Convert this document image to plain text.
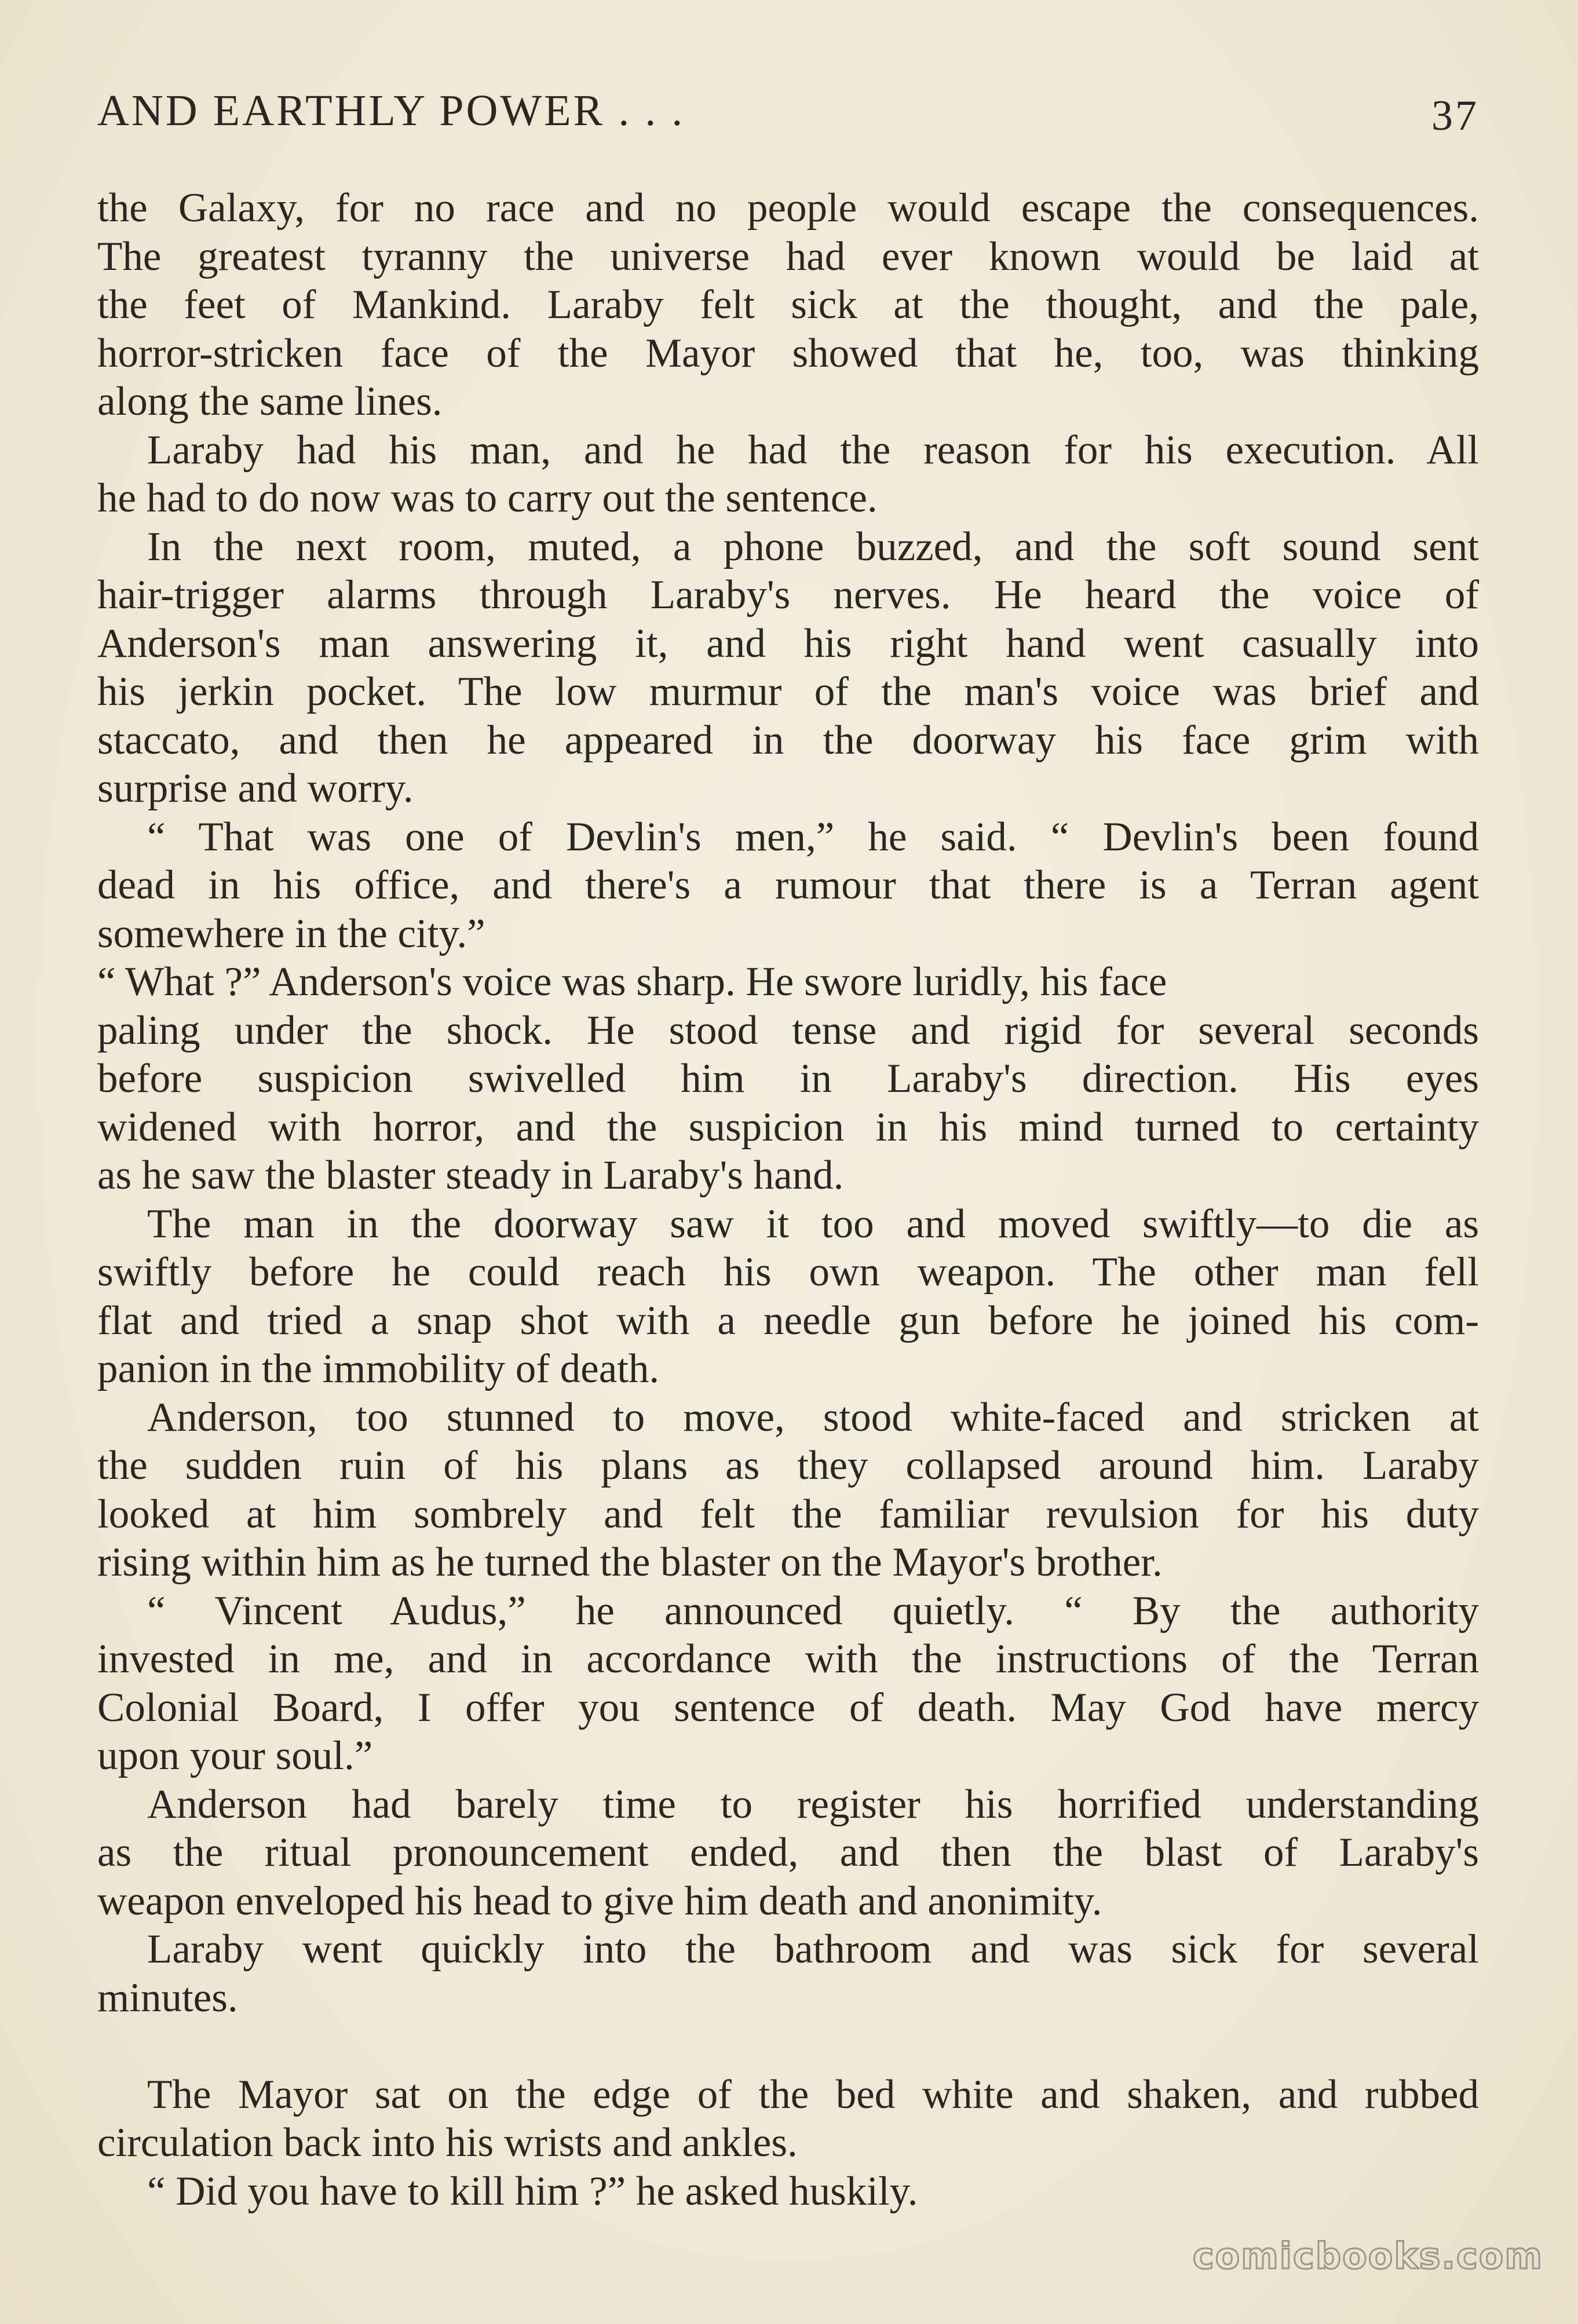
AND EARTHLY POWER . . .	37
the Galaxy, for no race and no people would escape the consequences.
The greatest tyranny the universe had ever known would be laid at
the feet of Mankind. Laraby felt sick at the thought, and the pale,
horror-stricken face of the Mayor showed that he, too, was thinking
along the same lines.
Laraby had his man, and he had the reason for his execution. All
he had to do now was to carry out the sentence.
In the next room, muted, a phone buzzed, and the soft sound sent
hair-trigger alarms through Laraby's nerves. He heard the voice of
Anderson's man answering it, and his right hand went casually into
his jerkin pocket. The low murmur of the man's voice was brief and
staccato, and then he appeared in the doorway his face grim with
surprise and worry.
“ That was one of Devlin's men,” he said. “ Devlin's been found
dead in his office, and there's a rumour that there is a Terran agent
somewhere in the city.”
“ What ?” Anderson's voice was sharp. He swore luridly, his face
paling under the shock. He stood tense and rigid for several seconds
before suspicion swivelled him in Laraby's direction. His eyes
widened with horror, and the suspicion in his mind turned to certainty
as he saw the blaster steady in Laraby's hand.
The man in the doorway saw it too and moved swiftly—to die as
swiftly before he could reach his own weapon. The other man fell
flat and tried a snap shot with a needle gun before he joined his com-
panion in the immobility of death.
Anderson, too stunned to move, stood white-faced and stricken at
the sudden ruin of his plans as they collapsed around him. Laraby
looked at him sombrely and felt the familiar revulsion for his duty
rising within him as he turned the blaster on the Mayor's brother.
“ Vincent Audus,” he announced quietly. “ By the authority
invested in me, and in accordance with the instructions of the Terran
Colonial Board, I offer you sentence of death. May God have mercy
upon your soul.”
Anderson had barely time to register his horrified understanding
as the ritual pronouncement ended, and then the blast of Laraby's
weapon enveloped his head to give him death and anonimity.
Laraby went quickly into the bathroom and was sick for several
minutes.
The Mayor sat on the edge of the bed white and shaken, and rubbed
circulation back into his wrists and ankles.
“ Did you have to kill him ?” he asked huskily.
comicbooks.com
